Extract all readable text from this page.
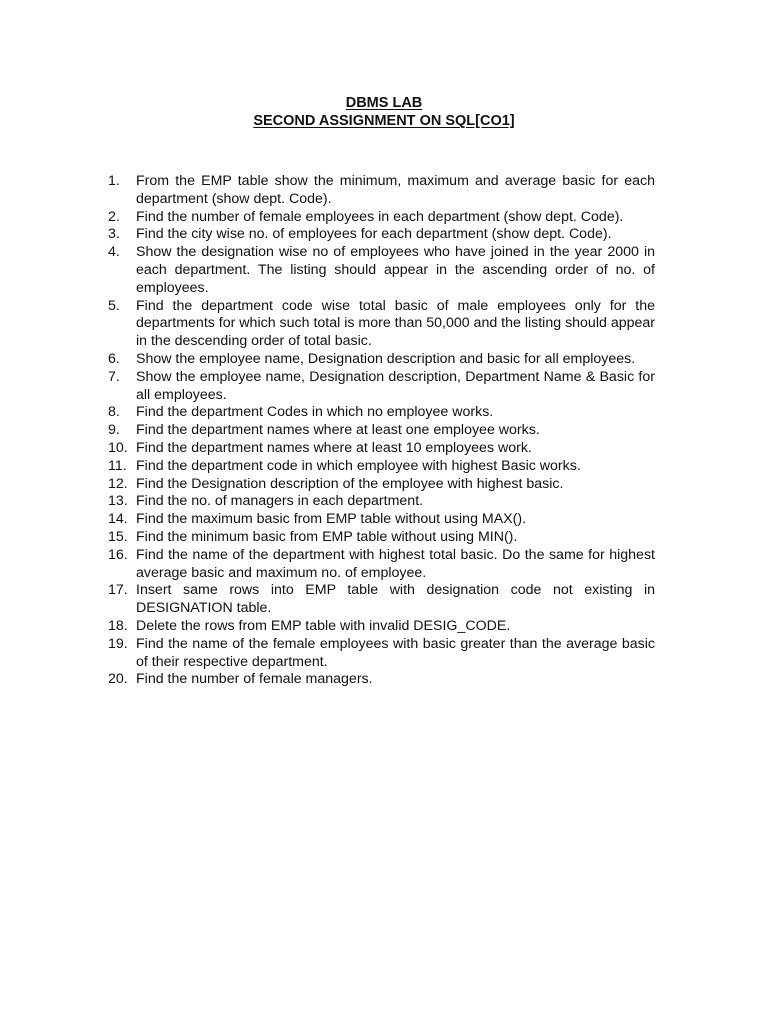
DBMS LAB
SECOND ASSIGNMENT ON SQL[CO1]
1.	From the EMP table show the minimum, maximum and average basic for each department (show dept. Code).
2.	Find the number of female employees in each department (show dept. Code).
3.	Find the city wise no. of employees for each department (show dept. Code).
4.	Show the designation wise no of employees who have joined in the year 2000 in each department. The listing should appear in the ascending order of no. of employees.
5.	Find the department code wise total basic of male employees only for the departments for which such total is more than 50,000 and the listing should appear in the descending order of total basic.
6.	Show the employee name, Designation description and basic for all employees.
7.	Show the employee name, Designation description, Department Name & Basic for all employees.
8.	Find the department Codes in which no employee works.
9.	Find the department names where at least one employee works.
10. Find the department names where at least 10 employees work.
11. Find the department code in which employee with highest Basic works.
12. Find the Designation description of the employee with highest basic.
13. Find the no. of managers in each department.
14. Find the maximum basic from EMP table without using MAX().
15. Find the minimum basic from EMP table without using MIN().
16. Find the name of the department with highest total basic. Do the same for highest average basic and maximum no. of employee.
17. Insert same rows into EMP table with designation code not existing in DESIGNATION table.
18. Delete the rows from EMP table with invalid DESIG_CODE.
19. Find the name of the female employees with basic greater than the average basic of their respective department.
20. Find the number of female managers.
